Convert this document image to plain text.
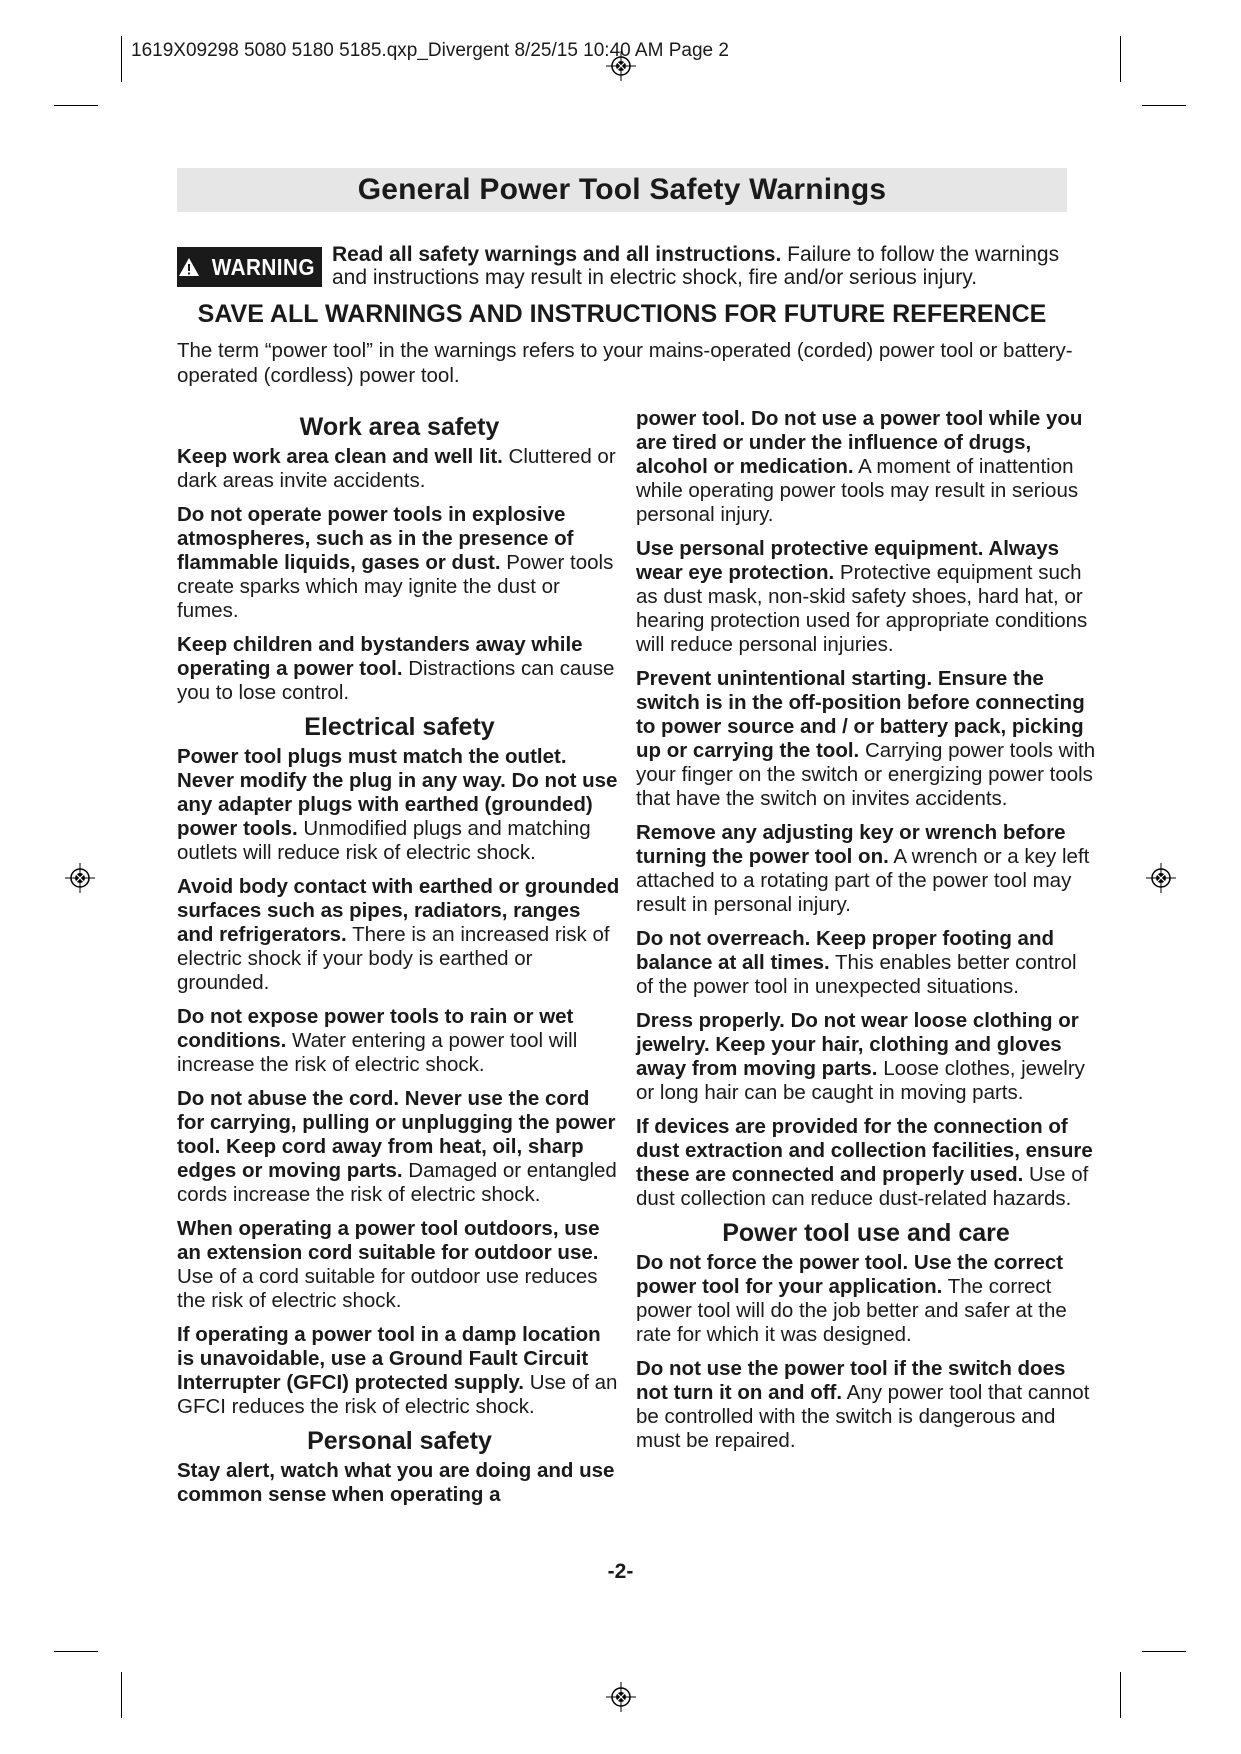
1619X09298 5080 5180 5185.qxp_Divergent 8/25/15 10:40 AM Page 2
General Power Tool Safety Warnings
WARNING Read all safety warnings and all instructions. Failure to follow the warnings and instructions may result in electric shock, fire and/or serious injury.
SAVE ALL WARNINGS AND INSTRUCTIONS FOR FUTURE REFERENCE
The term “power tool” in the warnings refers to your mains-operated (corded) power tool or battery-operated (cordless) power tool.
Work area safety

Keep work area clean and well lit. Cluttered or dark areas invite accidents.

Do not operate power tools in explosive atmospheres, such as in the presence of flammable liquids, gases or dust. Power tools create sparks which may ignite the dust or fumes.

Keep children and bystanders away while operating a power tool. Distractions can cause you to lose control.

Electrical safety

Power tool plugs must match the outlet. Never modify the plug in any way. Do not use any adapter plugs with earthed (grounded) power tools. Unmodified plugs and matching outlets will reduce risk of electric shock.

Avoid body contact with earthed or grounded surfaces such as pipes, radiators, ranges and refrigerators. There is an increased risk of electric shock if your body is earthed or grounded.

Do not expose power tools to rain or wet conditions. Water entering a power tool will increase the risk of electric shock.

Do not abuse the cord. Never use the cord for carrying, pulling or unplugging the power tool. Keep cord away from heat, oil, sharp edges or moving parts. Damaged or entangled cords increase the risk of electric shock.

When operating a power tool outdoors, use an extension cord suitable for outdoor use. Use of a cord suitable for outdoor use reduces the risk of electric shock.

If operating a power tool in a damp location is unavoidable, use a Ground Fault Circuit Interrupter (GFCI) protected supply. Use of an GFCI reduces the risk of electric shock.

Personal safety

Stay alert, watch what you are doing and use common sense when operating a

power tool. Do not use a power tool while you are tired or under the influence of drugs, alcohol or medication. A moment of inattention while operating power tools may result in serious personal injury.

Use personal protective equipment. Always wear eye protection. Protective equipment such as dust mask, non-skid safety shoes, hard hat, or hearing protection used for appropriate conditions will reduce personal injuries.

Prevent unintentional starting. Ensure the switch is in the off-position before connecting to power source and / or battery pack, picking up or carrying the tool. Carrying power tools with your finger on the switch or energizing power tools that have the switch on invites accidents.

Remove any adjusting key or wrench before turning the power tool on. A wrench or a key left attached to a rotating part of the power tool may result in personal injury.

Do not overreach. Keep proper footing and balance at all times. This enables better control of the power tool in unexpected situations.

Dress properly. Do not wear loose clothing or jewelry. Keep your hair, clothing and gloves away from moving parts. Loose clothes, jewelry or long hair can be caught in moving parts.

If devices are provided for the connection of dust extraction and collection facilities, ensure these are connected and properly used. Use of dust collection can reduce dust-related hazards.

Power tool use and care

Do not force the power tool. Use the correct power tool for your application. The correct power tool will do the job better and safer at the rate for which it was designed.

Do not use the power tool if the switch does not turn it on and off. Any power tool that cannot be controlled with the switch is dangerous and must be repaired.

-2-
